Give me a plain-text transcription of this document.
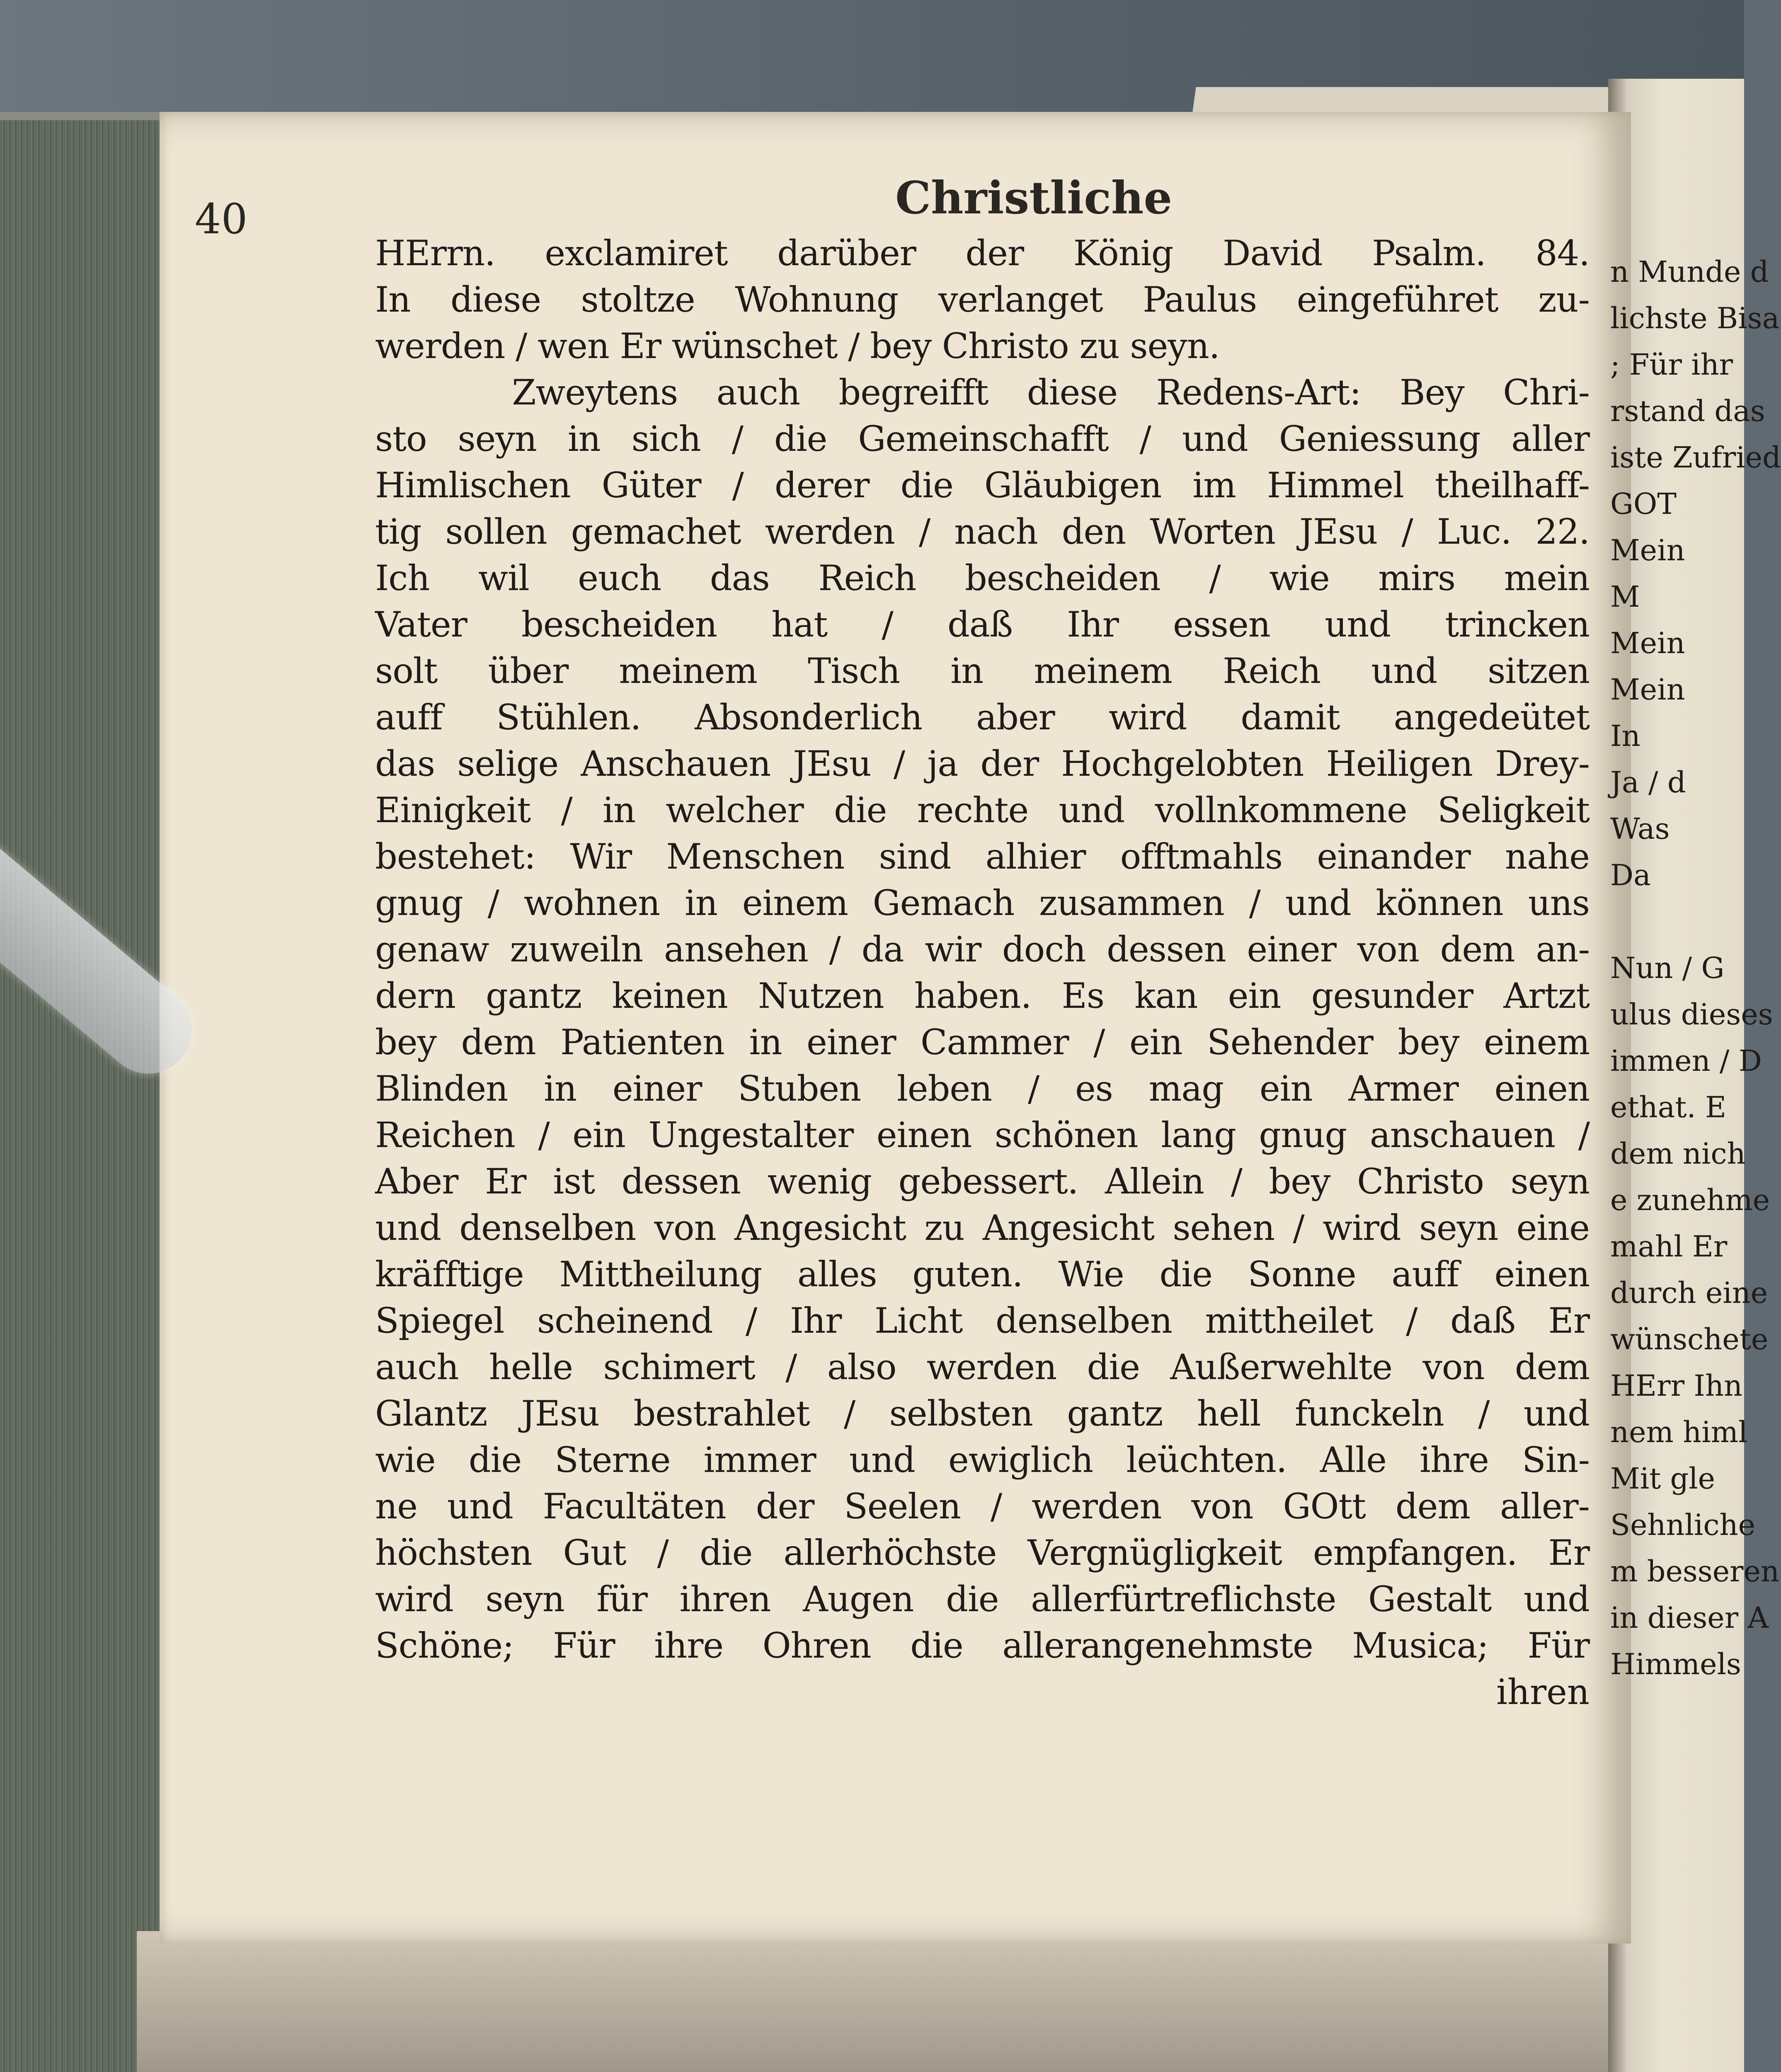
40	Christliche
HErrn. exclamiret darüber der König David Psalm. 84.
In diese stoltze Wohnung verlanget Paulus eingeführet zu-
werden / wen Er wünschet / bey Christo zu seyn.
Zweytens auch begreifft diese Redens-Art: Bey Chri-
sto seyn in sich / die Gemeinschafft / und Geniessung aller
Himlischen Güter / derer die Gläubigen im Himmel theilhaff-
tig sollen gemachet werden / nach den Worten JEsu / Luc. 22.
Ich wil euch das Reich bescheiden / wie mirs mein
Vater bescheiden hat / daß Ihr essen und trincken
solt über meinem Tisch in meinem Reich und sitzen
auff Stühlen. Absonderlich aber wird damit angedeütet
das selige Anschauen JEsu / ja der Hochgelobten Heiligen Drey-
Einigkeit / in welcher die rechte und vollnkommene Seligkeit
bestehet: Wir Menschen sind alhier offtmahls einander nahe
gnug / wohnen in einem Gemach zusammen / und können uns
genaw zuweiln ansehen / da wir doch dessen einer von dem an-
dern gantz keinen Nutzen haben. Es kan ein gesunder Artzt
bey dem Patienten in einer Cammer / ein Sehender bey einem
Blinden in einer Stuben leben / es mag ein Armer einen
Reichen / ein Ungestalter einen schönen lang gnug anschauen /
Aber Er ist dessen wenig gebessert. Allein / bey Christo seyn
und denselben von Angesicht zu Angesicht sehen / wird seyn eine
kräfftige Mittheilung alles guten. Wie die Sonne auff einen
Spiegel scheinend / Ihr Licht denselben mittheilet / daß Er
auch helle schimert / also werden die Außerwehlte von dem
Glantz JEsu bestrahlet / selbsten gantz hell funckeln / und
wie die Sterne immer und ewiglich leüchten. Alle ihre Sin-
ne und Facultäten der Seelen / werden von GOtt dem aller-
höchsten Gut / die allerhöchste Vergnügligkeit empfangen. Er
wird seyn für ihren Augen die allerfürtreflichste Gestalt und
Schöne; Für ihre Ohren die allerangenehmste Musica; Für
ihren
n Munde d
lichste Bisa
; Für ihr
rstand das
iste Zufried
GOT
Mein
M
Mein
Mein
In
Ja / d
Was
Da
Nun / G
ulus dieses
immen / D
ethat. E
dem nich
e zunehme
mahl Er
durch eine
wünschete
HErr Ihn
nem himl
Mit gle
Sehnliche
m besseren
in dieser A
Himmels
